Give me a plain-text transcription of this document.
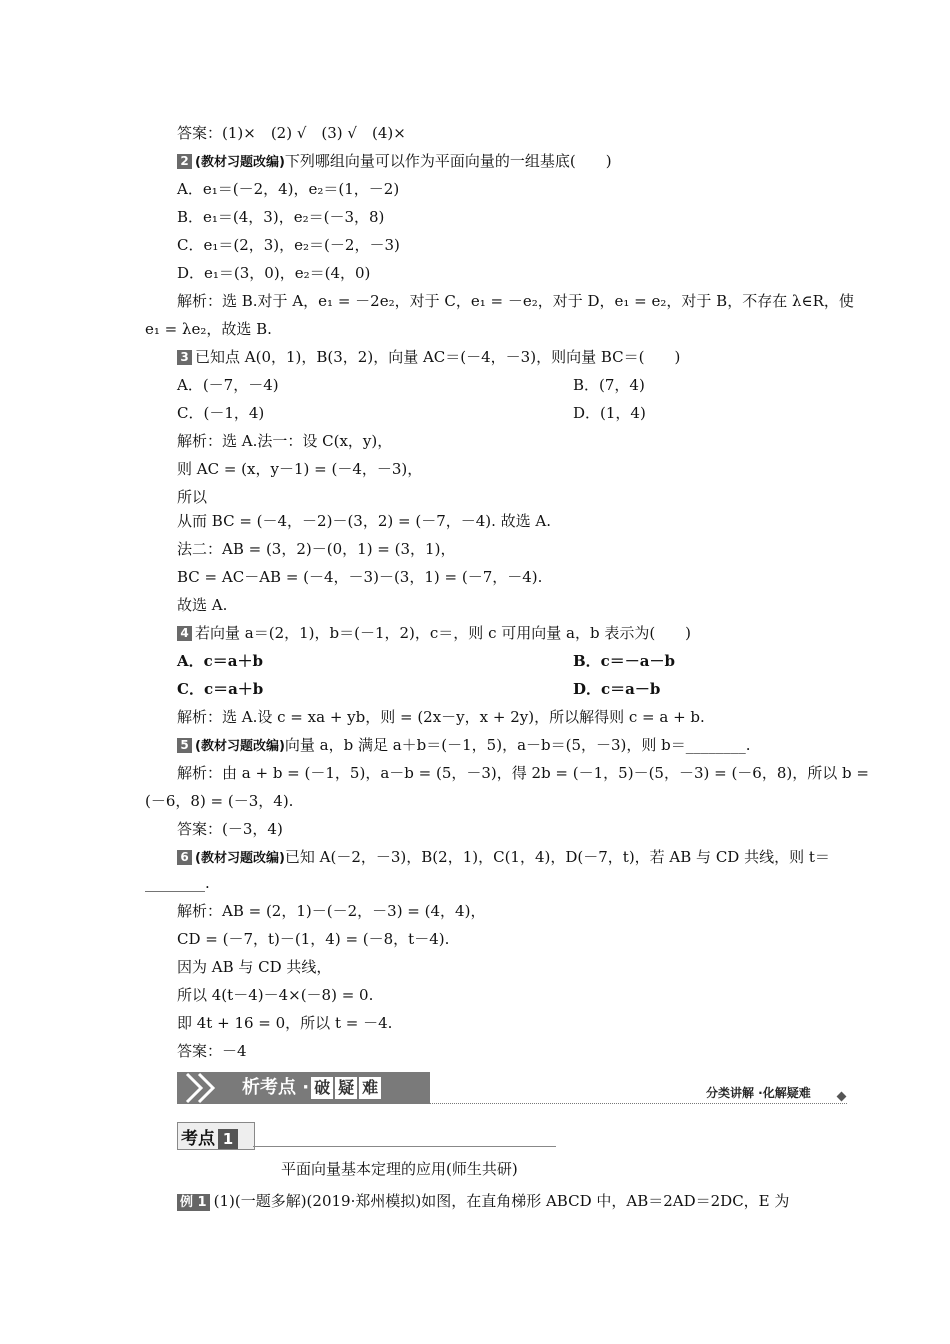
答案：(1)×　(2) √　(3) √　(4)×
2 (教材习题改编)下列哪组向量可以作为平面向量的一组基底(　　)
A．e₁＝(－2，4)，e₂＝(1，－2)
B．e₁＝(4，3)，e₂＝(－3，8)
C．e₁＝(2，3)，e₂＝(－2，－3)
D．e₁＝(3，0)，e₂＝(4，0)
解析：选 B.对于 A，e₁ = －2e₂，对于 C，e₁ = －e₂，对于 D，e₁ = e₂，对于 B，不存在 λ∈R，使
e₁ = λe₂，故选 B.
3 已知点 A(0，1)，B(3，2)，向量 AC＝(－4，－3)，则向量 BC＝(　　)
A．(－7，－4)	B．(7，4)
C．(－1，4)	D．(1，4)
解析：选 A.法一：设 C(x，y)，
则 AC = (x，y－1) = (－4，－3)，
所以
从而 BC = (－4，－2)－(3，2) = (－7，－4). 故选 A.
法二：AB = (3，2)－(0，1) = (3，1)，
BC = AC－AB = (－4，－3)－(3，1) = (－7，－4).
故选 A.
4 若向量 a＝(2，1)，b＝(－1，2)，c＝，则 c 可用向量 a，b 表示为(　　)
A．c＝a＋b	B．c＝－a－b
C．c＝a＋b	D．c＝a－b
解析：选 A.设 c = xa + yb，则 = (2x－y，x + 2y)，所以解得则 c = a + b.
5 (教材习题改编)向量 a，b 满足 a＋b＝(－1，5)，a－b＝(5，－3)，则 b＝________.
解析：由 a + b = (－1，5)，a－b = (5，－3)，得 2b = (－1，5)－(5，－3) = (－6，8)，所以 b =
(－6，8) = (－3，4).
答案：(－3，4)
6 (教材习题改编)已知 A(－2，－3)，B(2，1)，C(1，4)，D(－7，t)，若 AB 与 CD 共线，则 t＝
________.
解析：AB = (2，1)－(－2，－3) = (4，4)，
CD = (－7，t)－(1，4) = (－8，t－4).
因为 AB 与 CD 共线，
所以 4(t－4)－4×(－8) = 0.
即 4t + 16 = 0，所以 t = －4.
答案：－4
析考点 · 破 疑 难	分类讲解 ·化解疑难
考点 1
平面向量基本定理的应用(师生共研)
例 1 (1)(一题多解)(2019·郑州模拟)如图，在直角梯形 ABCD 中，AB＝2AD＝2DC，E 为
